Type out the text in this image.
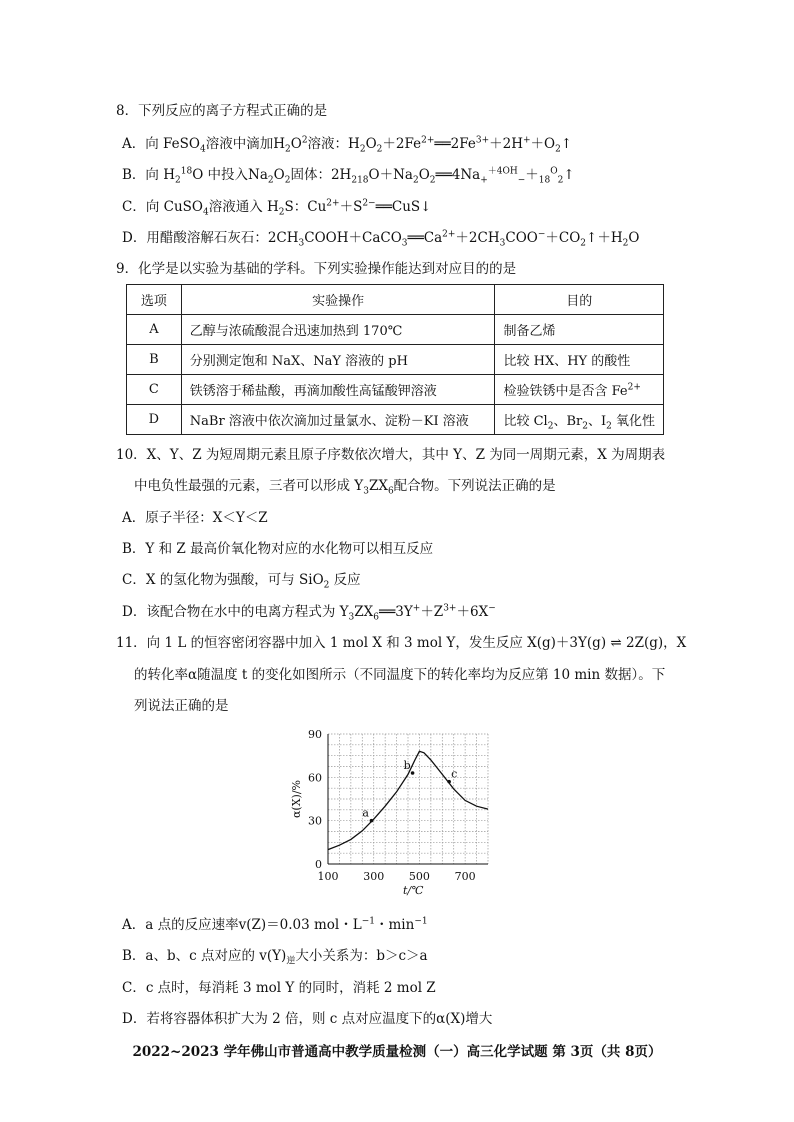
8．下列反应的离子方程式正确的是
A．向 FeSO$_4$溶液中滴加$H_2O^2$溶液：$H_2O_2+2Fe^{2+}══2Fe^{3+}+2H^++O_2↑$
B．向 $H_2^{18}O$ 中投入$Na_2O_2$固体：$2H_{218}O+Na_2O_2══4Na_+^{+4OH}_-+_{18}^O_2↑$
C．向 CuSO$_4$溶液通入 $H_2S$：$Cu^{2+}+S^{2-}══CuS↓$
D．用醋酸溶解石灰石：$2CH_3COOH+CaCO_3══Ca^{2+}+2CH_3COO^-+CO_2↑+H_2O$
9．化学是以实验为基础的学科。下列实验操作能达到对应目的的是
选项	实验操作	目的
A	乙醇与浓硫酸混合迅速加热到 170℃	制备乙烯
B	分别测定饱和 NaX、NaY 溶液的 pH	比较 HX、HY 的酸性
C	铁锈溶于稀盐酸，再滴加酸性高锰酸钾溶液	检验铁锈中是否含 $Fe^{2+}$
D	NaBr 溶液中依次滴加过量氯水、淀粉－KI 溶液	比较 $Cl_2$、$Br_2$、$I_2$ 氧化性
10．X、Y、Z 为短周期元素且原子序数依次增大，其中 Y、Z 为同一周期元素，X 为周期表
中电负性最强的元素，三者可以形成 $Y_3ZX_6$配合物。下列说法正确的是
A．原子半径：X＜Y＜Z
B．Y 和 Z 最高价氧化物对应的水化物可以相互反应
C．X 的氢化物为强酸，可与 SiO$_2$ 反应
D．该配合物在水中的电离方程式为 $Y_3ZX_6══3Y^++Z^{3+}+6X^-$
11．向 1 L 的恒容密闭容器中加入 1 mol X 和 3 mol Y，发生反应 X(g)＋3Y(g) ⇌ 2Z(g)，X
的转化率α随温度 t 的变化如图所示（不同温度下的转化率均为反应第 10 min 数据）。下
列说法正确的是
100 300 500 700
0
30
60
90
a
b
c
α(X)/%
t/℃
A．a 点的反应速率v(Z)＝0.03 mol・$L^{-1}$・$\min^{-1}$
B．a、b、c 点对应的 $v(Y)_逆$大小关系为：b＞c＞a
C．c 点时，每消耗 3 mol Y 的同时，消耗 2 mol Z
D．若将容器体积扩大为 2 倍，则 c 点对应温度下的α(X)增大
2022~2023 学年佛山市普通高中教学质量检测（一）高三化学试题 第 3页（共 8页）
